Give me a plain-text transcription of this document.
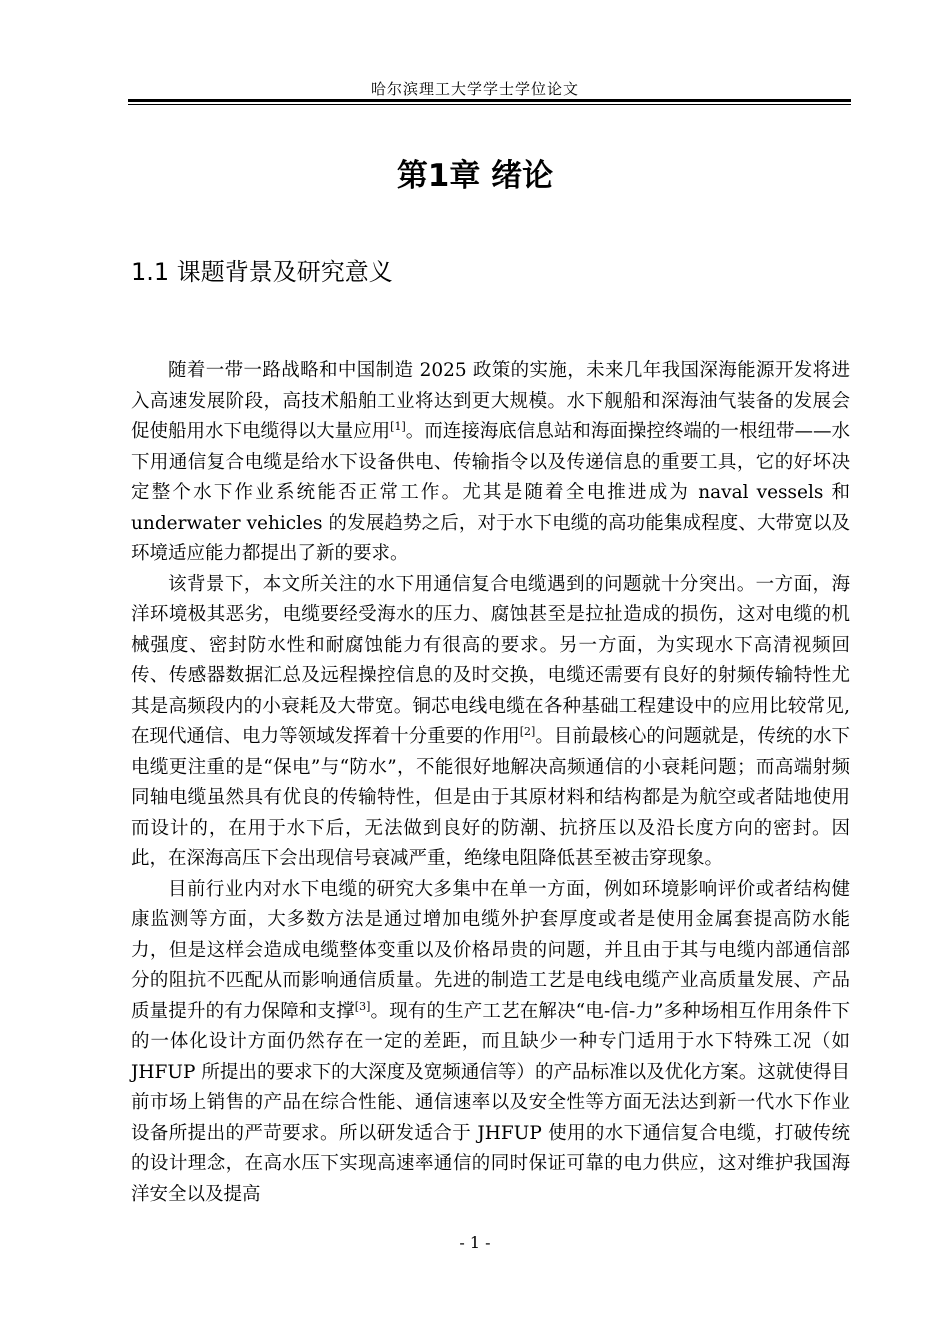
哈尔滨理工大学学士学位论文
第1章 绪论
1.1 课题背景及研究意义

随着一带一路战略和中国制造 2025 政策的实施，未来几年我国深海能源开发将进入高速发展阶段，高技术船舶工业将达到更大规模。水下舰船和深海油气装备的发展会促使船用水下电缆得以大量应用[1]。而连接海底信息站和海面操控终端的一根纽带——水下用通信复合电缆是给水下设备供电、传输指令以及传递信息的重要工具，它的好坏决定整个水下作业系统能否正常工作。尤其是随着全电推进成为 naval vessels 和 underwater vehicles 的发展趋势之后，对于水下电缆的高功能集成程度、大带宽以及环境适应能力都提出了新的要求。

该背景下，本文所关注的水下用通信复合电缆遇到的问题就十分突出。一方面，海洋环境极其恶劣，电缆要经受海水的压力、腐蚀甚至是拉扯造成的损伤，这对电缆的机械强度、密封防水性和耐腐蚀能力有很高的要求。另一方面，为实现水下高清视频回传、传感器数据汇总及远程操控信息的及时交换，电缆还需要有良好的射频传输特性尤其是高频段内的小衰耗及大带宽。铜芯电线电缆在各种基础工程建设中的应用比较常见,在现代通信、电力等领域发挥着十分重要的作用[2]。目前最核心的问题就是，传统的水下电缆更注重的是“保电”与“防水”，不能很好地解决高频通信的小衰耗问题；而高端射频同轴电缆虽然具有优良的传输特性，但是由于其原材料和结构都是为航空或者陆地使用而设计的，在用于水下后，无法做到良好的防潮、抗挤压以及沿长度方向的密封。因此，在深海高压下会出现信号衰减严重，绝缘电阻降低甚至被击穿现象。

目前行业内对水下电缆的研究大多集中在单一方面，例如环境影响评价或者结构健康监测等方面，大多数方法是通过增加电缆外护套厚度或者是使用金属套提高防水能力，但是这样会造成电缆整体变重以及价格昂贵的问题，并且由于其与电缆内部通信部分的阻抗不匹配从而影响通信质量。先进的制造工艺是电线电缆产业高质量发展、产品质量提升的有力保障和支撑[3]。现有的生产工艺在解决“电-信-力”多种场相互作用条件下的一体化设计方面仍然存在一定的差距，而且缺少一种专门适用于水下特殊工况（如 JHFUP 所提出的要求下的大深度及宽频通信等）的产品标准以及优化方案。这就使得目前市场上销售的产品在综合性能、通信速率以及安全性等方面无法达到新一代水下作业设备所提出的严苛要求。所以研发适合于 JHFUP 使用的水下通信复合电缆，打破传统的设计理念，在高水压下实现高速率通信的同时保证可靠的电力供应，这对维护我国海洋安全以及提高

- 1 -
